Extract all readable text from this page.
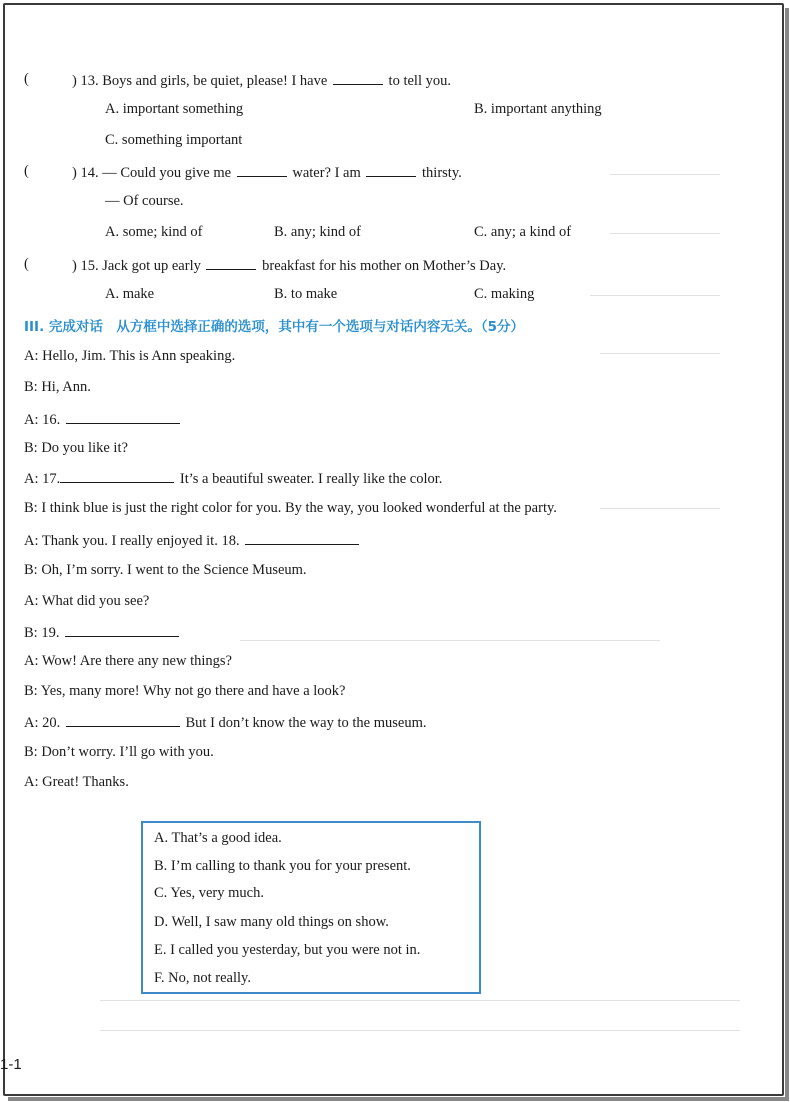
(	) 13. Boys and girls, be quiet, please! I have	to tell you.
A. important something	B. important anything
C. something important
(	) 14. — Could you give me	water? I am	thirsty.
— Of course.
A. some; kind of	B. any; kind of	C. any; a kind of
(	) 15. Jack got up early	breakfast for his mother on Mother’s Day.
A. make	B. to make	C. making
III. 完成对话　从方框中选择正确的选项，其中有一个选项与对话内容无关。（5分）
A: Hello, Jim. This is Ann speaking.
B: Hi, Ann.
A: 16.
B: Do you like it?
A: 17.	It’s a beautiful sweater. I really like the color.
B: I think blue is just the right color for you. By the way, you looked wonderful at the party.
A: Thank you. I really enjoyed it. 18.
B: Oh, I’m sorry. I went to the Science Museum.
A: What did you see?
B: 19.
A: Wow! Are there any new things?
B: Yes, many more! Why not go there and have a look?
A: 20.	But I don’t know the way to the museum.
B: Don’t worry. I’ll go with you.
A: Great! Thanks.
A. That’s a good idea.
B. I’m calling to thank you for your present.
C. Yes, very much.
D. Well, I saw many old things on show.
E. I called you yesterday, but you were not in.
F. No, not really.
1-1
